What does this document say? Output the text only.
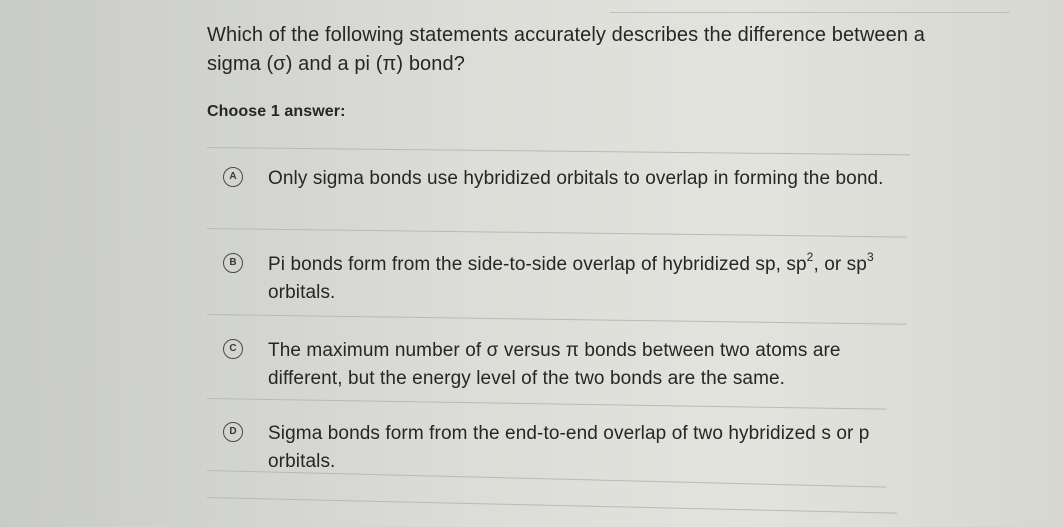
Which of the following statements accurately describes the difference between a sigma (σ) and a pi (π) bond?
Choose 1 answer:
A	Only sigma bonds use hybridized orbitals to overlap in forming the bond.
B	Pi bonds form from the side-to-side overlap of hybridized sp, $sp^2$, or $sp^3$ orbitals.
C	The maximum number of σ versus π bonds between two atoms are different, but the energy level of the two bonds are the same.
D	Sigma bonds form from the end-to-end overlap of two hybridized s or p orbitals.
